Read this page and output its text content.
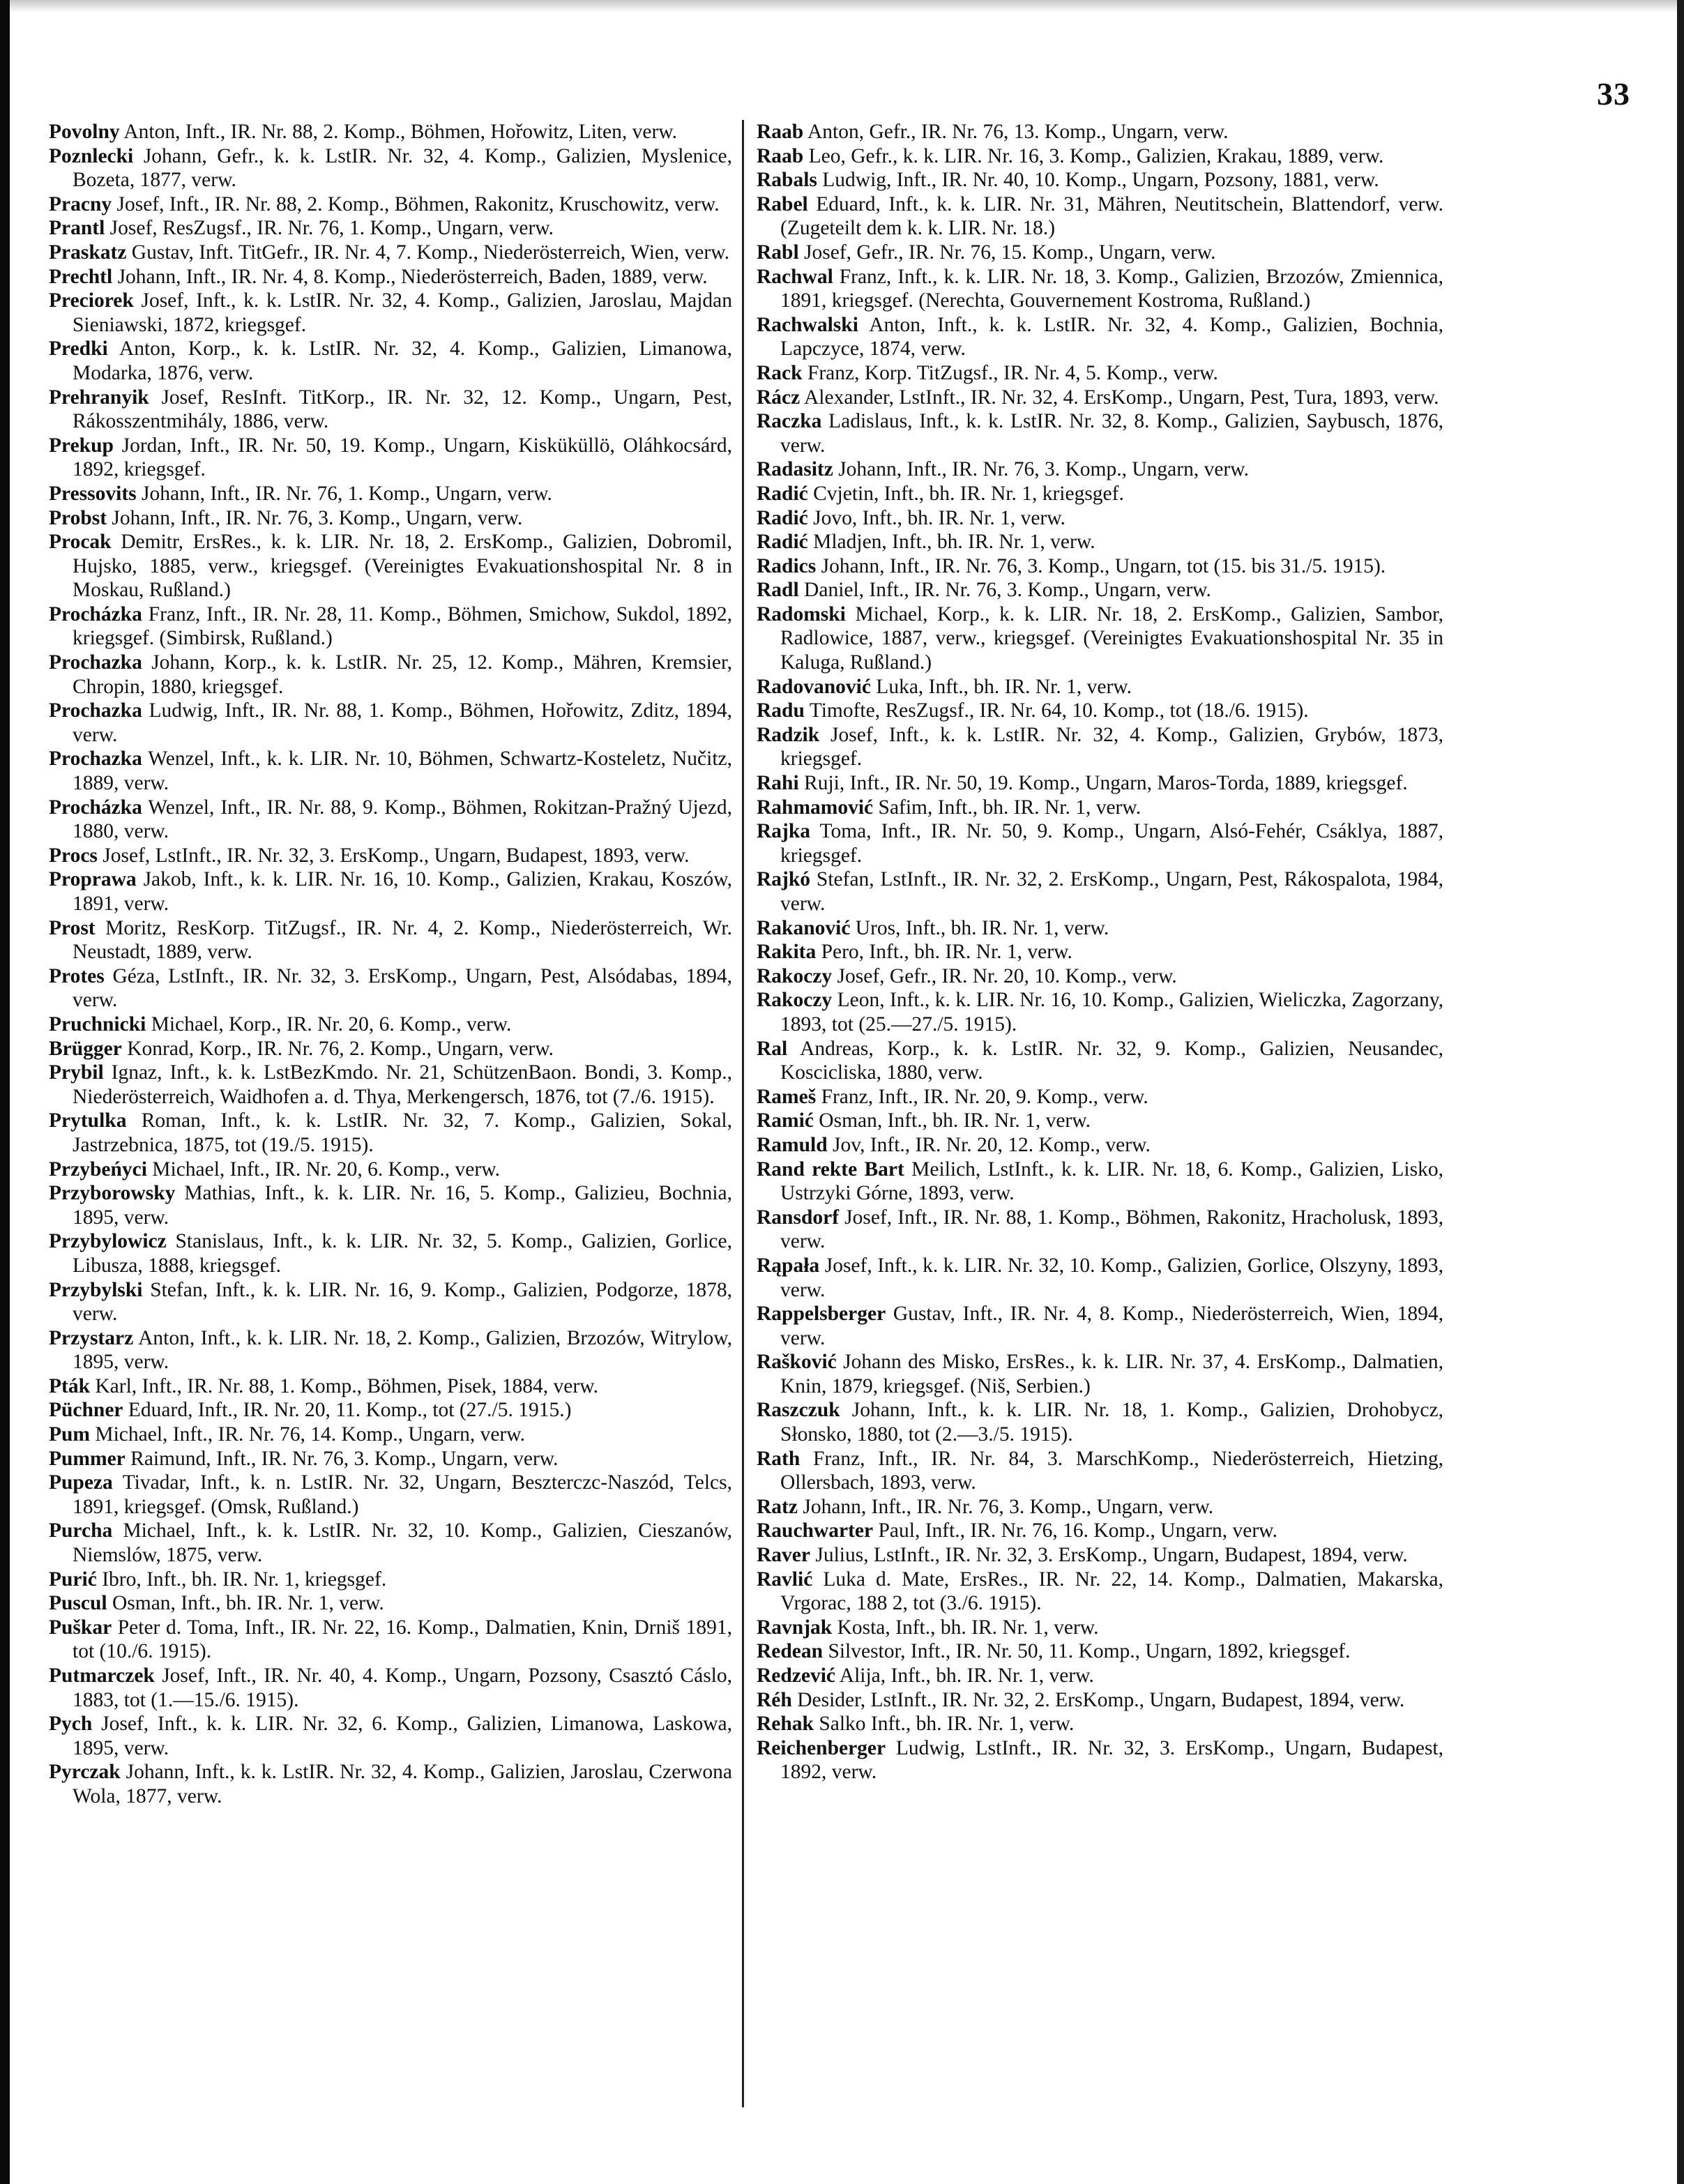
33

Povolny Anton, Inft., IR. Nr. 88, 2. Komp., Böhmen, Hořowitz, Liten, verw.

Poznlecki Johann, Gefr., k. k. LstIR. Nr. 32, 4. Komp., Galizien, Myslenice, Bozeta, 1877, verw.

Pracny Josef, Inft., IR. Nr. 88, 2. Komp., Böhmen, Rakonitz, Kruschowitz, verw.

Prantl Josef, ResZugsf., IR. Nr. 76, 1. Komp., Ungarn, verw.

Praskatz Gustav, Inft. TitGefr., IR. Nr. 4, 7. Komp., Niederösterreich, Wien, verw.

Prechtl Johann, Inft., IR. Nr. 4, 8. Komp., Niederösterreich, Baden, 1889, verw.

Preciorek Josef, Inft., k. k. LstIR. Nr. 32, 4. Komp., Galizien, Jaroslau, Majdan Sieniawski, 1872, kriegsgef.

Predki Anton, Korp., k. k. LstIR. Nr. 32, 4. Komp., Galizien, Limanowa, Modarka, 1876, verw.

Prehranyik Josef, ResInft. TitKorp., IR. Nr. 32, 12. Komp., Ungarn, Pest, Rákosszentmihály, 1886, verw.

Prekup Jordan, Inft., IR. Nr. 50, 19. Komp., Ungarn, Kisküküllö, Oláhkocsárd, 1892, kriegsgef.

Pressovits Johann, Inft., IR. Nr. 76, 1. Komp., Ungarn, verw.

Probst Johann, Inft., IR. Nr. 76, 3. Komp., Ungarn, verw.

Procak Demitr, ErsRes., k. k. LIR. Nr. 18, 2. ErsKomp., Galizien, Dobromil, Hujsko, 1885, verw., kriegsgef. (Vereinigtes Evakuationshospital Nr. 8 in Moskau, Rußland.)

Procházka Franz, Inft., IR. Nr. 28, 11. Komp., Böhmen, Smichow, Sukdol, 1892, kriegsgef. (Simbirsk, Rußland.)

Prochazka Johann, Korp., k. k. LstIR. Nr. 25, 12. Komp., Mähren, Kremsier, Chropin, 1880, kriegsgef.

Prochazka Ludwig, Inft., IR. Nr. 88, 1. Komp., Böhmen, Hořowitz, Zditz, 1894, verw.

Prochazka Wenzel, Inft., k. k. LIR. Nr. 10, Böhmen, Schwartz-Kosteletz, Nučitz, 1889, verw.

Procházka Wenzel, Inft., IR. Nr. 88, 9. Komp., Böhmen, Rokitzan-Pražný Ujezd, 1880, verw.

Procs Josef, LstInft., IR. Nr. 32, 3. ErsKomp., Ungarn, Budapest, 1893, verw.

Proprawa Jakob, Inft., k. k. LIR. Nr. 16, 10. Komp., Galizien, Krakau, Koszów, 1891, verw.

Prost Moritz, ResKorp. TitZugsf., IR. Nr. 4, 2. Komp., Niederösterreich, Wr. Neustadt, 1889, verw.

Protes Géza, LstInft., IR. Nr. 32, 3. ErsKomp., Ungarn, Pest, Alsódabas, 1894, verw.

Pruchnicki Michael, Korp., IR. Nr. 20, 6. Komp., verw.

Brügger Konrad, Korp., IR. Nr. 76, 2. Komp., Ungarn, verw.

Prybil Ignaz, Inft., k. k. LstBezKmdo. Nr. 21, SchützenBaon. Bondi, 3. Komp., Niederösterreich, Waidhofen a. d. Thya, Merkengersch, 1876, tot (7./6. 1915).

Prytulka Roman, Inft., k. k. LstIR. Nr. 32, 7. Komp., Galizien, Sokal, Jastrzebnica, 1875, tot (19./5. 1915).

Przybeńyci Michael, Inft., IR. Nr. 20, 6. Komp., verw.

Przyborowsky Mathias, Inft., k. k. LIR. Nr. 16, 5. Komp., Galizieu, Bochnia, 1895, verw.

Przybylowicz Stanislaus, Inft., k. k. LIR. Nr. 32, 5. Komp., Galizien, Gorlice, Libusza, 1888, kriegsgef.

Przybylski Stefan, Inft., k. k. LIR. Nr. 16, 9. Komp., Galizien, Podgorze, 1878, verw.

Przystarz Anton, Inft., k. k. LIR. Nr. 18, 2. Komp., Galizien, Brzozów, Witrylow, 1895, verw.

Pták Karl, Inft., IR. Nr. 88, 1. Komp., Böhmen, Pisek, 1884, verw.

Püchner Eduard, Inft., IR. Nr. 20, 11. Komp., tot (27./5. 1915.)

Pum Michael, Inft., IR. Nr. 76, 14. Komp., Ungarn, verw.

Pummer Raimund, Inft., IR. Nr. 76, 3. Komp., Ungarn, verw.

Pupeza Tivadar, Inft., k. n. LstIR. Nr. 32, Ungarn, Beszterczc-Naszód, Telcs, 1891, kriegsgef. (Omsk, Rußland.)

Purcha Michael, Inft., k. k. LstIR. Nr. 32, 10. Komp., Galizien, Cieszanów, Niemslów, 1875, verw.

Purić Ibro, Inft., bh. IR. Nr. 1, kriegsgef.

Puscul Osman, Inft., bh. IR. Nr. 1, verw.

Puškar Peter d. Toma, Inft., IR. Nr. 22, 16. Komp., Dalmatien, Knin, Drniš 1891, tot (10./6. 1915).

Putmarczek Josef, Inft., IR. Nr. 40, 4. Komp., Ungarn, Pozsony, Csasztó Cáslo, 1883, tot (1.—15./6. 1915).

Pych Josef, Inft., k. k. LIR. Nr. 32, 6. Komp., Galizien, Limanowa, Laskowa, 1895, verw.

Pyrczak Johann, Inft., k. k. LstIR. Nr. 32, 4. Komp., Galizien, Jaroslau, Czerwona Wola, 1877, verw.

Raab Anton, Gefr., IR. Nr. 76, 13. Komp., Ungarn, verw.

Raab Leo, Gefr., k. k. LIR. Nr. 16, 3. Komp., Galizien, Krakau, 1889, verw.

Rabals Ludwig, Inft., IR. Nr. 40, 10. Komp., Ungarn, Pozsony, 1881, verw.

Rabel Eduard, Inft., k. k. LIR. Nr. 31, Mähren, Neutitschein, Blattendorf, verw. (Zugeteilt dem k. k. LIR. Nr. 18.)

Rabl Josef, Gefr., IR. Nr. 76, 15. Komp., Ungarn, verw.

Rachwal Franz, Inft., k. k. LIR. Nr. 18, 3. Komp., Galizien, Brzozów, Zmiennica, 1891, kriegsgef. (Nerechta, Gouvernement Kostroma, Rußland.)

Rachwalski Anton, Inft., k. k. LstIR. Nr. 32, 4. Komp., Galizien, Bochnia, Lapczyce, 1874, verw.

Rack Franz, Korp. TitZugsf., IR. Nr. 4, 5. Komp., verw.

Rácz Alexander, LstInft., IR. Nr. 32, 4. ErsKomp., Ungarn, Pest, Tura, 1893, verw.

Raczka Ladislaus, Inft., k. k. LstIR. Nr. 32, 8. Komp., Galizien, Saybusch, 1876, verw.

Radasitz Johann, Inft., IR. Nr. 76, 3. Komp., Ungarn, verw.

Radić Cvjetin, Inft., bh. IR. Nr. 1, kriegsgef.

Radić Jovo, Inft., bh. IR. Nr. 1, verw.

Radić Mladjen, Inft., bh. IR. Nr. 1, verw.

Radics Johann, Inft., IR. Nr. 76, 3. Komp., Ungarn, tot (15. bis 31./5. 1915).

Radl Daniel, Inft., IR. Nr. 76, 3. Komp., Ungarn, verw.

Radomski Michael, Korp., k. k. LIR. Nr. 18, 2. ErsKomp., Galizien, Sambor, Radlowice, 1887, verw., kriegsgef. (Vereinigtes Evakuationshospital Nr. 35 in Kaluga, Rußland.)

Radovanović Luka, Inft., bh. IR. Nr. 1, verw.

Radu Timofte, ResZugsf., IR. Nr. 64, 10. Komp., tot (18./6. 1915).

Radzik Josef, Inft., k. k. LstIR. Nr. 32, 4. Komp., Galizien, Grybów, 1873, kriegsgef.

Rahi Ruji, Inft., IR. Nr. 50, 19. Komp., Ungarn, Maros-Torda, 1889, kriegsgef.

Rahmamović Safim, Inft., bh. IR. Nr. 1, verw.

Rajka Toma, Inft., IR. Nr. 50, 9. Komp., Ungarn, Alsó-Fehér, Csáklya, 1887, kriegsgef.

Rajkó Stefan, LstInft., IR. Nr. 32, 2. ErsKomp., Ungarn, Pest, Rákospalota, 1984, verw.

Rakanović Uros, Inft., bh. IR. Nr. 1, verw.

Rakita Pero, Inft., bh. IR. Nr. 1, verw.

Rakoczy Josef, Gefr., IR. Nr. 20, 10. Komp., verw.

Rakoczy Leon, Inft., k. k. LIR. Nr. 16, 10. Komp., Galizien, Wieliczka, Zagorzany, 1893, tot (25.—27./5. 1915).

Ral Andreas, Korp., k. k. LstIR. Nr. 32, 9. Komp., Galizien, Neusandec, Koscicliska, 1880, verw.

Rameš Franz, Inft., IR. Nr. 20, 9. Komp., verw.

Ramić Osman, Inft., bh. IR. Nr. 1, verw.

Ramuld Jov, Inft., IR. Nr. 20, 12. Komp., verw.

Rand rekte Bart Meilich, LstInft., k. k. LIR. Nr. 18, 6. Komp., Galizien, Lisko, Ustrzyki Górne, 1893, verw.

Ransdorf Josef, Inft., IR. Nr. 88, 1. Komp., Böhmen, Rakonitz, Hracholusk, 1893, verw.

Rąpała Josef, Inft., k. k. LIR. Nr. 32, 10. Komp., Galizien, Gorlice, Olszyny, 1893, verw.

Rappelsberger Gustav, Inft., IR. Nr. 4, 8. Komp., Niederösterreich, Wien, 1894, verw.

Rašković Johann des Misko, ErsRes., k. k. LIR. Nr. 37, 4. ErsKomp., Dalmatien, Knin, 1879, kriegsgef. (Niš, Serbien.)

Raszczuk Johann, Inft., k. k. LIR. Nr. 18, 1. Komp., Galizien, Drohobycz, Słonsko, 1880, tot (2.—3./5. 1915).

Rath Franz, Inft., IR. Nr. 84, 3. MarschKomp., Niederösterreich, Hietzing, Ollersbach, 1893, verw.

Ratz Johann, Inft., IR. Nr. 76, 3. Komp., Ungarn, verw.

Rauchwarter Paul, Inft., IR. Nr. 76, 16. Komp., Ungarn, verw.

Raver Julius, LstInft., IR. Nr. 32, 3. ErsKomp., Ungarn, Budapest, 1894, verw.

Ravlić Luka d. Mate, ErsRes., IR. Nr. 22, 14. Komp., Dalmatien, Makarska, Vrgorac, 188 2, tot (3./6. 1915).

Ravnjak Kosta, Inft., bh. IR. Nr. 1, verw.

Redean Silvestor, Inft., IR. Nr. 50, 11. Komp., Ungarn, 1892, kriegsgef.

Redzević Alija, Inft., bh. IR. Nr. 1, verw.

Réh Desider, LstInft., IR. Nr. 32, 2. ErsKomp., Ungarn, Budapest, 1894, verw.

Rehak Salko Inft., bh. IR. Nr. 1, verw.

Reichenberger Ludwig, LstInft., IR. Nr. 32, 3. ErsKomp., Ungarn, Budapest, 1892, verw.
